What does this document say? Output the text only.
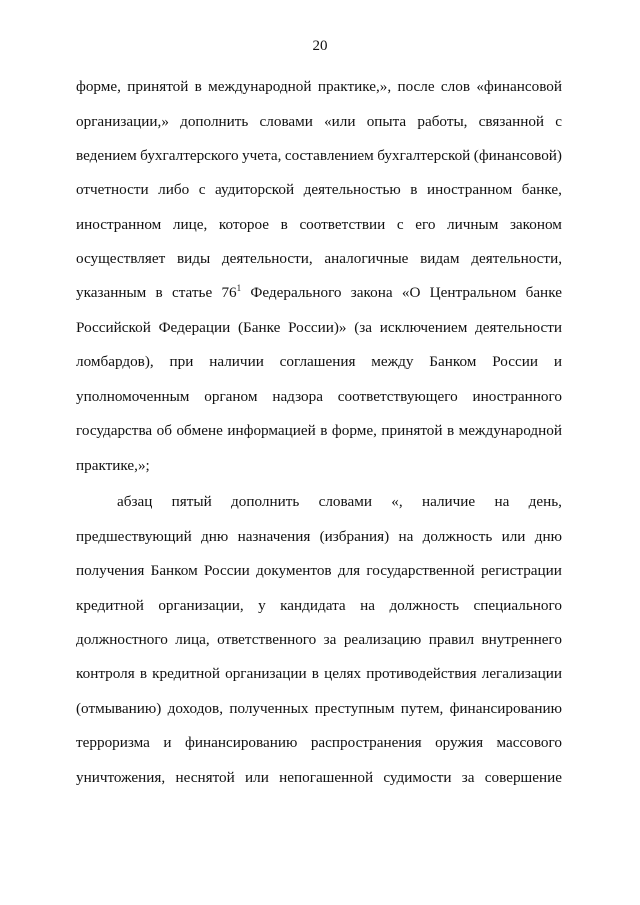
20
форме, принятой в международной практике,», после слов «финансовой
организации,» дополнить словами «или опыта работы, связанной с
ведением бухгалтерского учета, составлением бухгалтерской (финансовой)
отчетности либо с аудиторской деятельностью в иностранном банке,
иностранном лице, которое в соответствии с его личным законом
осуществляет виды деятельности, аналогичные видам деятельности,
указанным в статье $76^1$ Федерального закона «О Центральном банке
Российской Федерации (Банке России)» (за исключением деятельности
ломбардов), при наличии соглашения между Банком России и
уполномоченным органом надзора соответствующего иностранного
государства об обмене информацией в форме, принятой в международной
практике,»;
абзац пятый дополнить словами «, наличие на день,
предшествующий дню назначения (избрания) на должность или дню
получения Банком России документов для государственной регистрации
кредитной организации, у кандидата на должность специального
должностного лица, ответственного за реализацию правил внутреннего
контроля в кредитной организации в целях противодействия легализации
(отмыванию) доходов, полученных преступным путем, финансированию
терроризма и финансированию распространения оружия массового
уничтожения, неснятой или непогашенной судимости за совершение
